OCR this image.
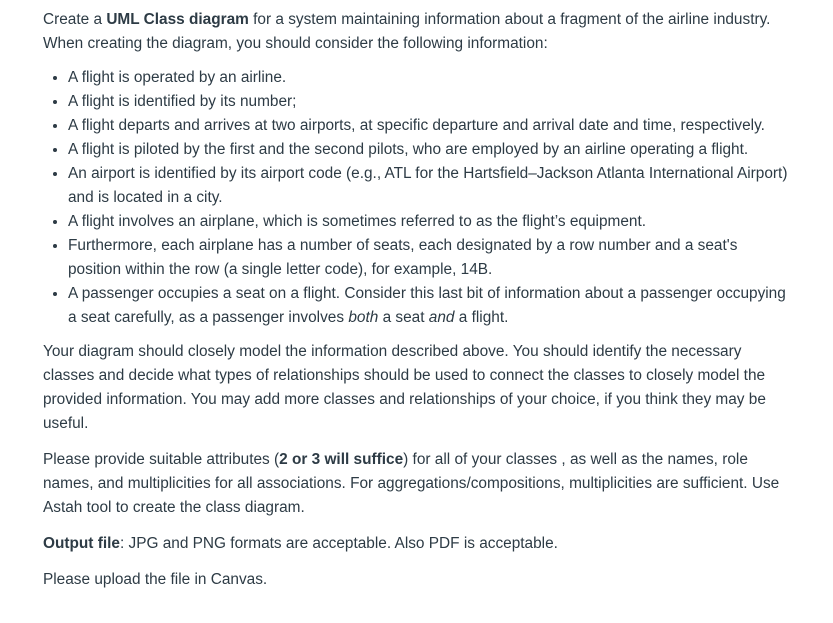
Create a UML Class diagram for a system maintaining information about a fragment of the airline industry. When creating the diagram, you should consider the following information:

• A flight is operated by an airline.
• A flight is identified by its number;
• A flight departs and arrives at two airports, at specific departure and arrival date and time, respectively.
• A flight is piloted by the first and the second pilots, who are employed by an airline operating a flight.
• An airport is identified by its airport code (e.g., ATL for the Hartsfield–Jackson Atlanta International Airport) and is located in a city.
• A flight involves an airplane, which is sometimes referred to as the flight’s equipment.
• Furthermore, each airplane has a number of seats, each designated by a row number and a seat's position within the row (a single letter code), for example, 14B.
• A passenger occupies a seat on a flight. Consider this last bit of information about a passenger occupying a seat carefully, as a passenger involves both a seat and a flight.

Your diagram should closely model the information described above. You should identify the necessary classes and decide what types of relationships should be used to connect the classes to closely model the provided information. You may add more classes and relationships of your choice, if you think they may be useful.

Please provide suitable attributes (2 or 3 will suffice) for all of your classes , as well as the names, role names, and multiplicities for all associations. For aggregations/compositions, multiplicities are sufficient. Use Astah tool to create the class diagram.

Output file: JPG and PNG formats are acceptable. Also PDF is acceptable.

Please upload the file in Canvas.
